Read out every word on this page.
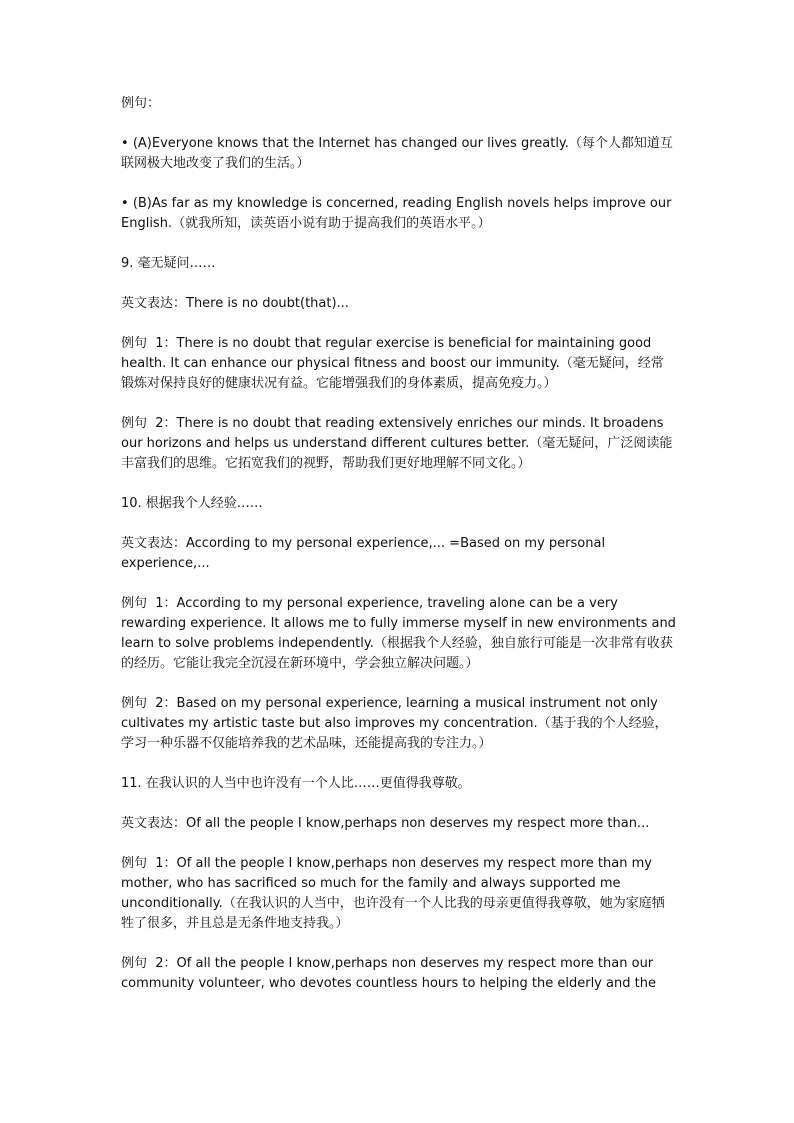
例句：

• (A)Everyone knows that the Internet has changed our lives greatly.（每个人都知道互联网极大地改变了我们的生活。）

• (B)As far as my knowledge is concerned, reading English novels helps improve our English.（就我所知，读英语小说有助于提高我们的英语水平。）

9. 毫无疑问……

英文表达：There is no doubt(that)...

例句  1：There is no doubt that regular exercise is beneficial for maintaining good health. It can enhance our physical fitness and boost our immunity.（毫无疑问，经常锻炼对保持良好的健康状况有益。它能增强我们的身体素质，提高免疫力。）

例句  2：There is no doubt that reading extensively enriches our minds. It broadens our horizons and helps us understand different cultures better.（毫无疑问，广泛阅读能丰富我们的思维。它拓宽我们的视野，帮助我们更好地理解不同文化。）

10. 根据我个人经验……

英文表达：According to my personal experience,... =Based on my personal experience,...

例句  1：According to my personal experience, traveling alone can be a very rewarding experience. It allows me to fully immerse myself in new environments and learn to solve problems independently.（根据我个人经验，独自旅行可能是一次非常有收获的经历。它能让我完全沉浸在新环境中，学会独立解决问题。）

例句  2：Based on my personal experience, learning a musical instrument not only cultivates my artistic taste but also improves my concentration.（基于我的个人经验，学习一种乐器不仅能培养我的艺术品味，还能提高我的专注力。）

11. 在我认识的人当中也许没有一个人比……更值得我尊敬。

英文表达：Of all the people I know,perhaps non deserves my respect more than...

例句  1：Of all the people I know,perhaps non deserves my respect more than my mother, who has sacrificed so much for the family and always supported me unconditionally.（在我认识的人当中，也许没有一个人比我的母亲更值得我尊敬，她为家庭牺牲了很多，并且总是无条件地支持我。）

例句  2：Of all the people I know,perhaps non deserves my respect more than our community volunteer, who devotes countless hours to helping the elderly and the
